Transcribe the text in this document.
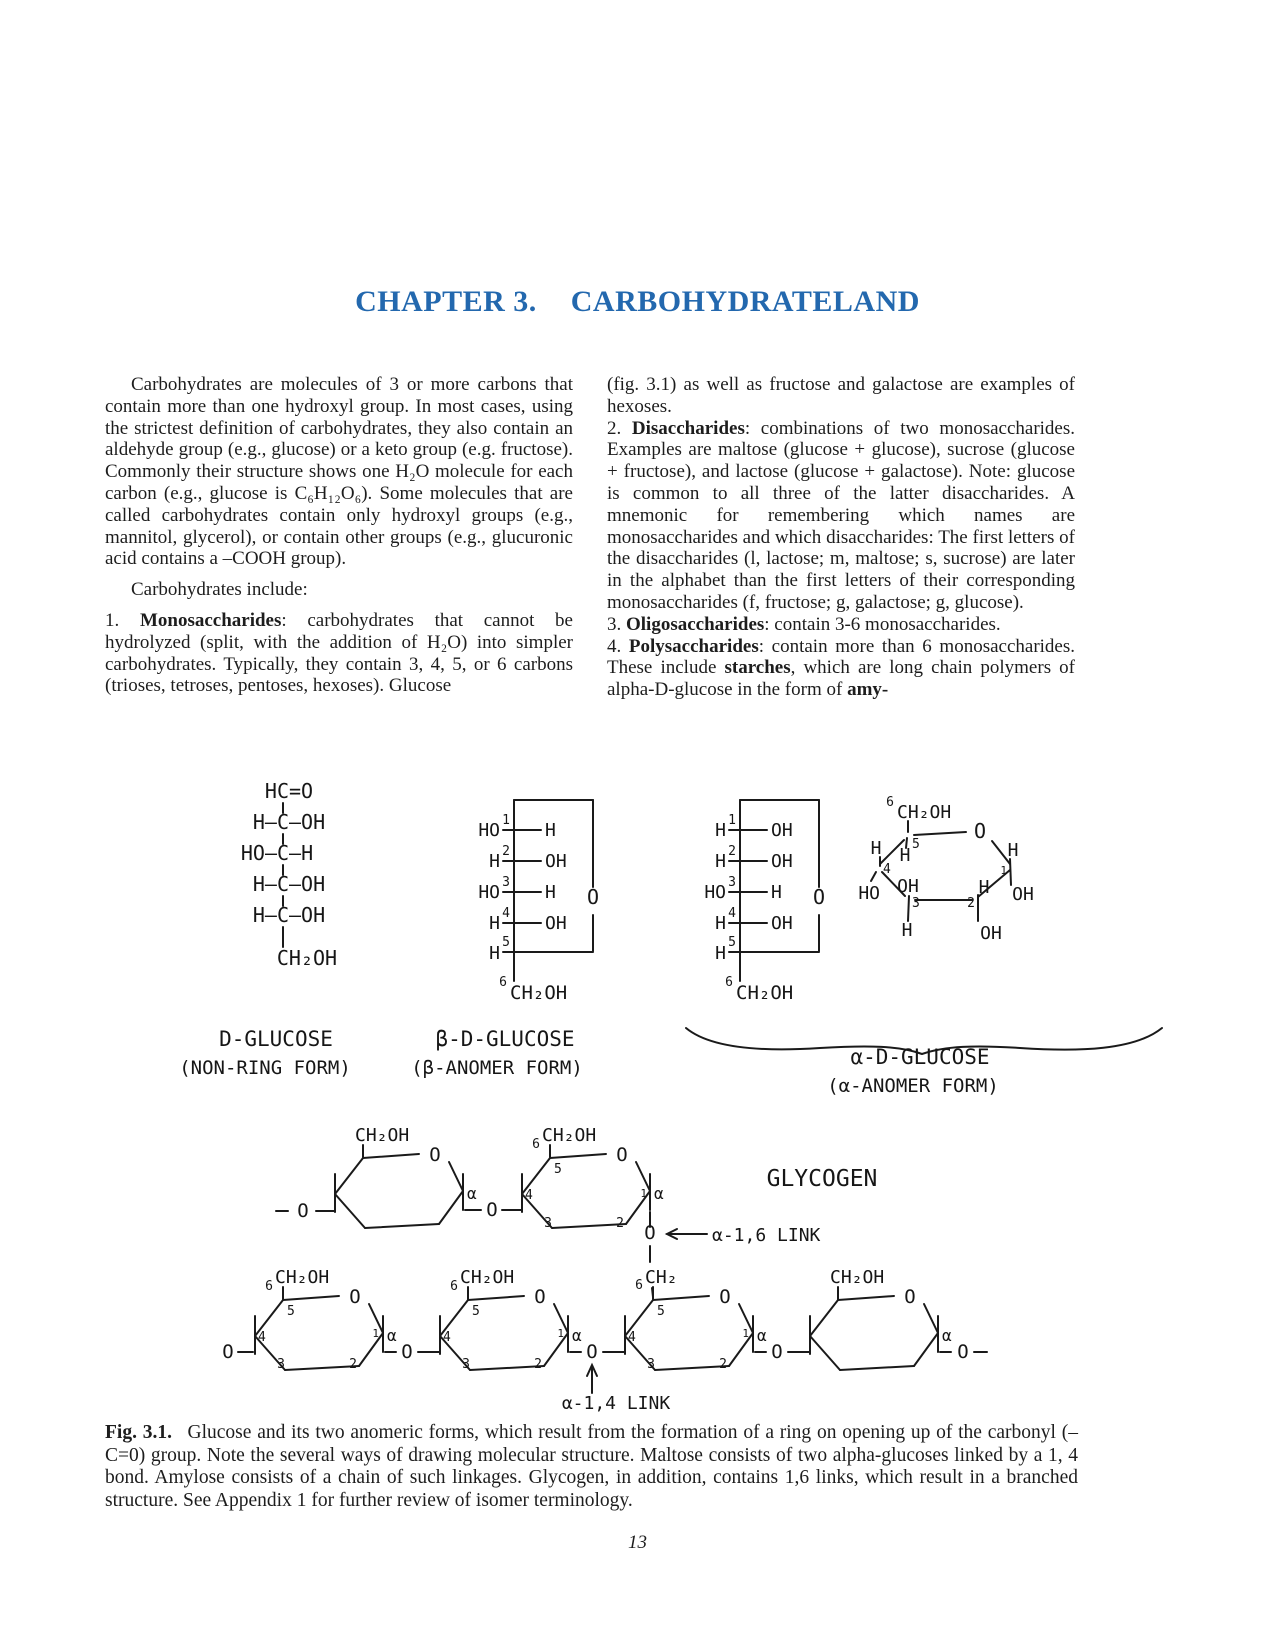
CHAPTER 3. CARBOHYDRATELAND

Carbohydrates are molecules of 3 or more carbons that contain more than one hydroxyl group. In most cases, using the strictest definition of carbohydrates, they also contain an aldehyde group (e.g., glucose) or a keto group (e.g. fructose). Commonly their structure shows one H₂O molecule for each carbon (e.g., glucose is C₆H₁₂O₆). Some molecules that are called carbohydrates contain only hydroxyl groups (e.g., mannitol, glycerol), or contain other groups (e.g., glucuronic acid contains a –COOH group).

Carbohydrates include:

1. Monosaccharides: carbohydrates that cannot be hydrolyzed (split, with the addition of H₂O) into simpler carbohydrates. Typically, they contain 3, 4, 5, or 6 carbons (trioses, tetroses, pentoses, hexoses). Glucose

(fig. 3.1) as well as fructose and galactose are examples of hexoses.

2. Disaccharides: combinations of two monosaccharides. Examples are maltose (glucose + glucose), sucrose (glucose + fructose), and lactose (glucose + galactose). Note: glucose is common to all three of the latter disaccharides. A mnemonic for remembering which names are monosaccharides and which disaccharides: The first letters of the disaccharides (l, lactose; m, maltose; s, sucrose) are later in the alphabet than the first letters of their corresponding monosaccharides (f, fructose; g, galactose; g, glucose).

3. Oligosaccharides: contain 3-6 monosaccharides.

4. Polysaccharides: contain more than 6 monosaccharides. These include starches, which are long chain polymers of alpha-D-glucose in the form of amy-

HC=O
H–C–OH
HO–C–H
H–C–OH
H–C–OH
CH₂OH
D-GLUCOSE
(NON-RING FORM)
HO	H
H	OH
HO	H
H	OH
H
1
2
3
4
5
6
O
CH₂OH
β-D-GLUCOSE
(β-ANOMER FORM)
H	OH
H	OH
HO	H
H	OH
H
1
2
3
4
5
6
O
CH₂OH
α-D-GLUCOSE
(α-ANOMER FORM)
CH₂OH
6
5
H
H
4
HO OH
3
H
O
H
2
OH
H
1
OH
CH₂OH
O
α
O	O
CH₂OH
6	O
α
5
4
3	2
1
O	α-1,6 LINK
GLYCOGEN
CH₂
6
CH₂OH
6	O
α
5
4
3	2
1
CH₂OH
6	O
α
5
4
3	2
1
O
α
5
4
3	2
1
CH₂OH
O
α
O	O	O
O	O
α-1,4 LINK
Fig. 3.1.  Glucose and its two anomeric forms, which result from the formation of a ring on opening up of the carbonyl (–C=0) group. Note the several ways of drawing molecular structure. Maltose consists of two alpha-glucoses linked by a 1, 4 bond. Amylose consists of a chain of such linkages. Glycogen, in addition, contains 1,6 links, which result in a branched structure. See Appendix 1 for further review of isomer terminology.
13
